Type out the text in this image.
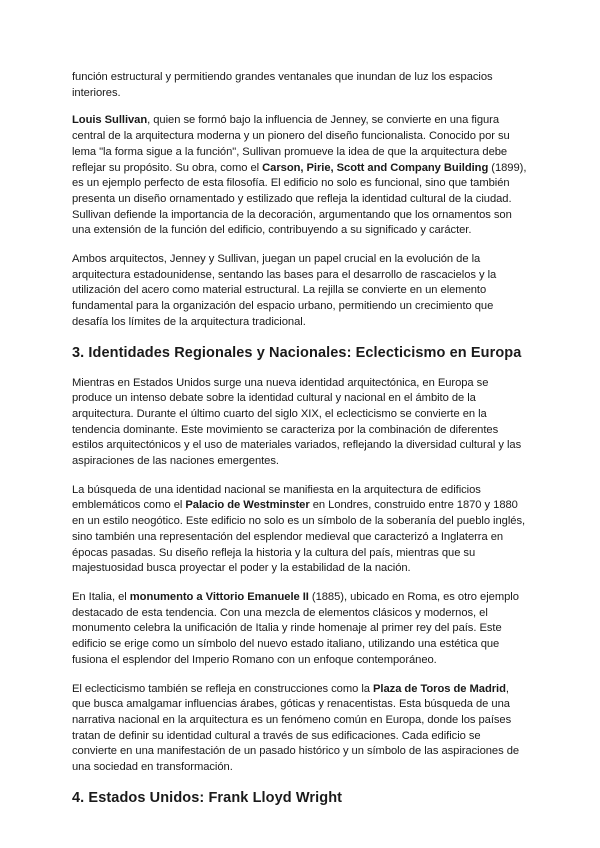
función estructural y permitiendo grandes ventanales que inundan de luz los espacios interiores.

Louis Sullivan, quien se formó bajo la influencia de Jenney, se convierte en una figura central de la arquitectura moderna y un pionero del diseño funcionalista. Conocido por su lema "la forma sigue a la función", Sullivan promueve la idea de que la arquitectura debe reflejar su propósito. Su obra, como el Carson, Pirie, Scott and Company Building (1899), es un ejemplo perfecto de esta filosofía. El edificio no solo es funcional, sino que también presenta un diseño ornamentado y estilizado que refleja la identidad cultural de la ciudad. Sullivan defiende la importancia de la decoración, argumentando que los ornamentos son una extensión de la función del edificio, contribuyendo a su significado y carácter.

Ambos arquitectos, Jenney y Sullivan, juegan un papel crucial en la evolución de la arquitectura estadounidense, sentando las bases para el desarrollo de rascacielos y la utilización del acero como material estructural. La rejilla se convierte en un elemento fundamental para la organización del espacio urbano, permitiendo un crecimiento que desafía los límites de la arquitectura tradicional.

3. Identidades Regionales y Nacionales: Eclecticismo en Europa

Mientras en Estados Unidos surge una nueva identidad arquitectónica, en Europa se produce un intenso debate sobre la identidad cultural y nacional en el ámbito de la arquitectura. Durante el último cuarto del siglo XIX, el eclecticismo se convierte en la tendencia dominante. Este movimiento se caracteriza por la combinación de diferentes estilos arquitectónicos y el uso de materiales variados, reflejando la diversidad cultural y las aspiraciones de las naciones emergentes.

La búsqueda de una identidad nacional se manifiesta en la arquitectura de edificios emblemáticos como el Palacio de Westminster en Londres, construido entre 1870 y 1880 en un estilo neogótico. Este edificio no solo es un símbolo de la soberanía del pueblo inglés, sino también una representación del esplendor medieval que caracterizó a Inglaterra en épocas pasadas. Su diseño refleja la historia y la cultura del país, mientras que su majestuosidad busca proyectar el poder y la estabilidad de la nación.

En Italia, el monumento a Vittorio Emanuele II (1885), ubicado en Roma, es otro ejemplo destacado de esta tendencia. Con una mezcla de elementos clásicos y modernos, el monumento celebra la unificación de Italia y rinde homenaje al primer rey del país. Este edificio se erige como un símbolo del nuevo estado italiano, utilizando una estética que fusiona el esplendor del Imperio Romano con un enfoque contemporáneo.

El eclecticismo también se refleja en construcciones como la Plaza de Toros de Madrid, que busca amalgamar influencias árabes, góticas y renacentistas. Esta búsqueda de una narrativa nacional en la arquitectura es un fenómeno común en Europa, donde los países tratan de definir su identidad cultural a través de sus edificaciones. Cada edificio se convierte en una manifestación de un pasado histórico y un símbolo de las aspiraciones de una sociedad en transformación.

4. Estados Unidos: Frank Lloyd Wright
